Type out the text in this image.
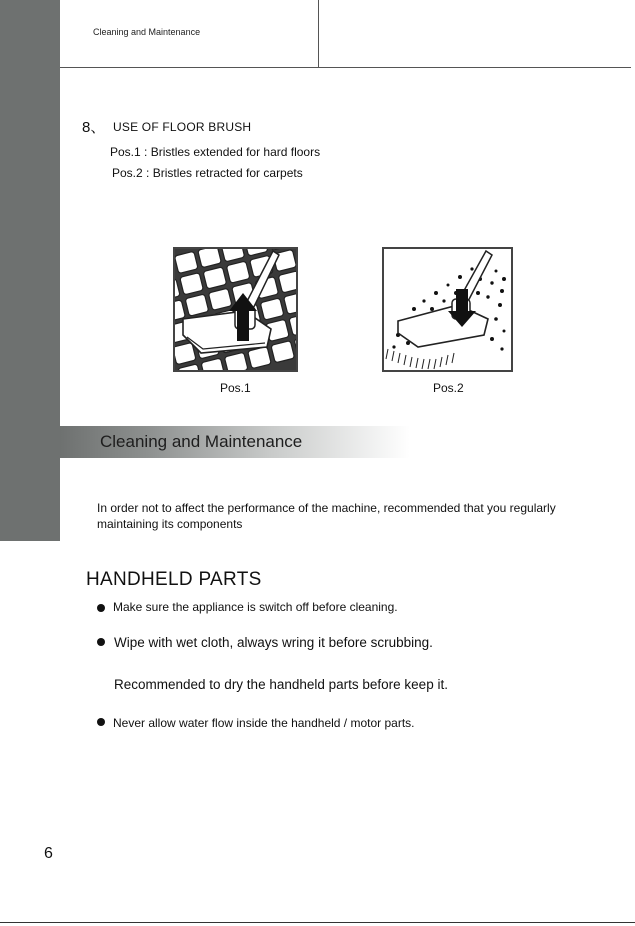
Cleaning and Maintenance
8、 USE OF FLOOR BRUSH
Pos.1 : Bristles extended for hard floors
Pos.2 : Bristles retracted for carpets
Pos.1	Pos.2
Cleaning and Maintenance
In order not to affect the performance of the machine, recommended that you regularly maintaining its components
HANDHELD PARTS
Make sure the appliance is switch off before cleaning.
Wipe with wet cloth, always wring it before scrubbing.
Recommended to dry the handheld parts before keep it.
Never allow water flow inside the handheld / motor parts.
6
